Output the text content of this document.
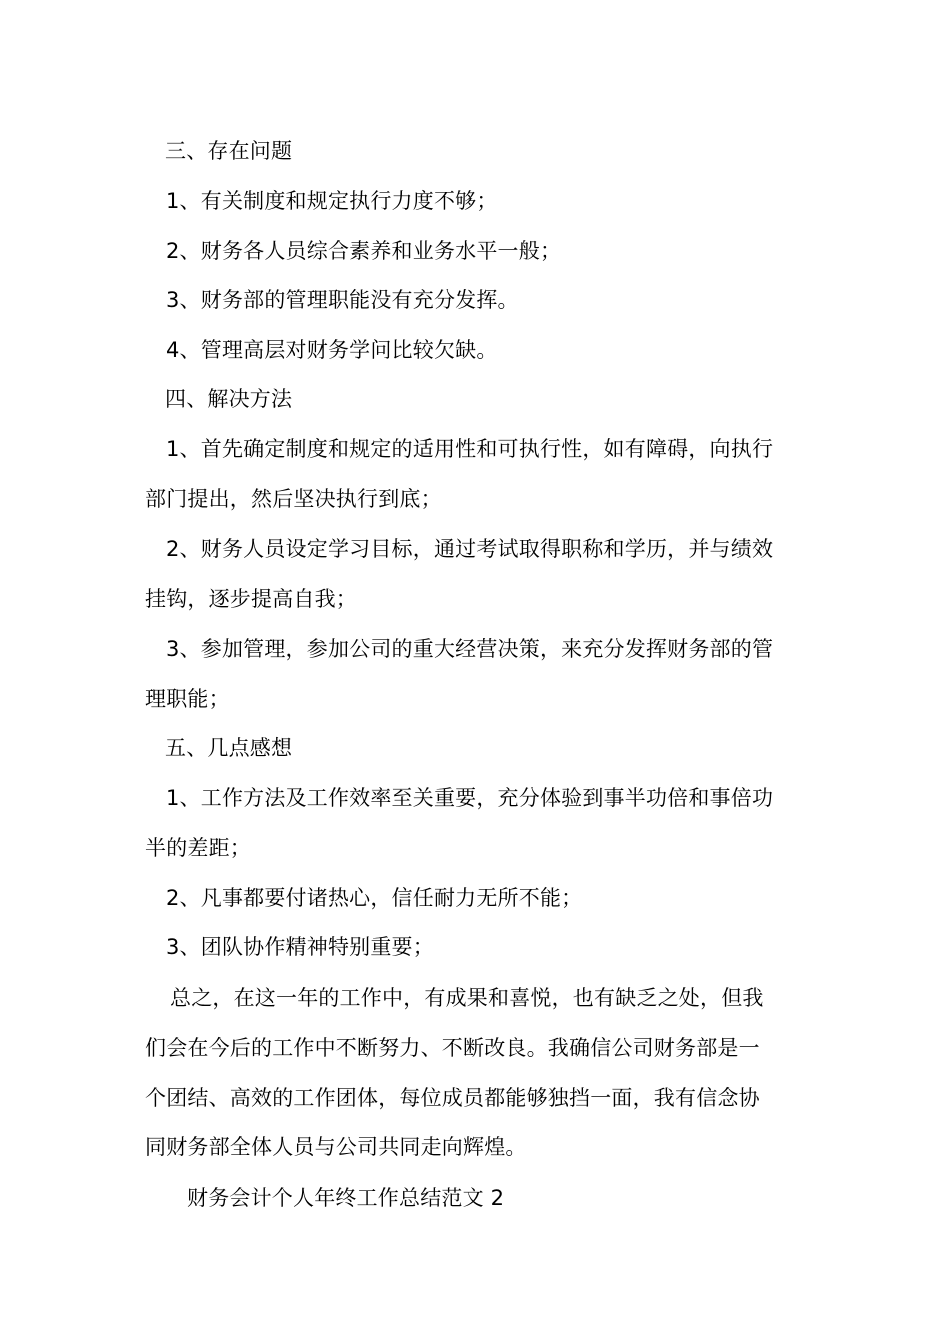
三、存在问题
1、有关制度和规定执行力度不够；
2、财务各人员综合素养和业务水平一般；
3、财务部的管理职能没有充分发挥。
4、管理高层对财务学问比较欠缺。
四、解决方法
1、首先确定制度和规定的适用性和可执行性，如有障碍，向执行
部门提出，然后坚决执行到底；
2、财务人员设定学习目标，通过考试取得职称和学历，并与绩效
挂钩，逐步提高自我；
3、参加管理，参加公司的重大经营决策，来充分发挥财务部的管
理职能；
五、几点感想
1、工作方法及工作效率至关重要，充分体验到事半功倍和事倍功
半的差距；
2、凡事都要付诸热心，信任耐力无所不能；
3、团队协作精神特别重要；
总之，在这一年的工作中，有成果和喜悦，也有缺乏之处，但我
们会在今后的工作中不断努力、不断改良。我确信公司财务部是一
个团结、高效的工作团体，每位成员都能够独挡一面，我有信念协
同财务部全体人员与公司共同走向辉煌。
财务会计个人年终工作总结范文 2
